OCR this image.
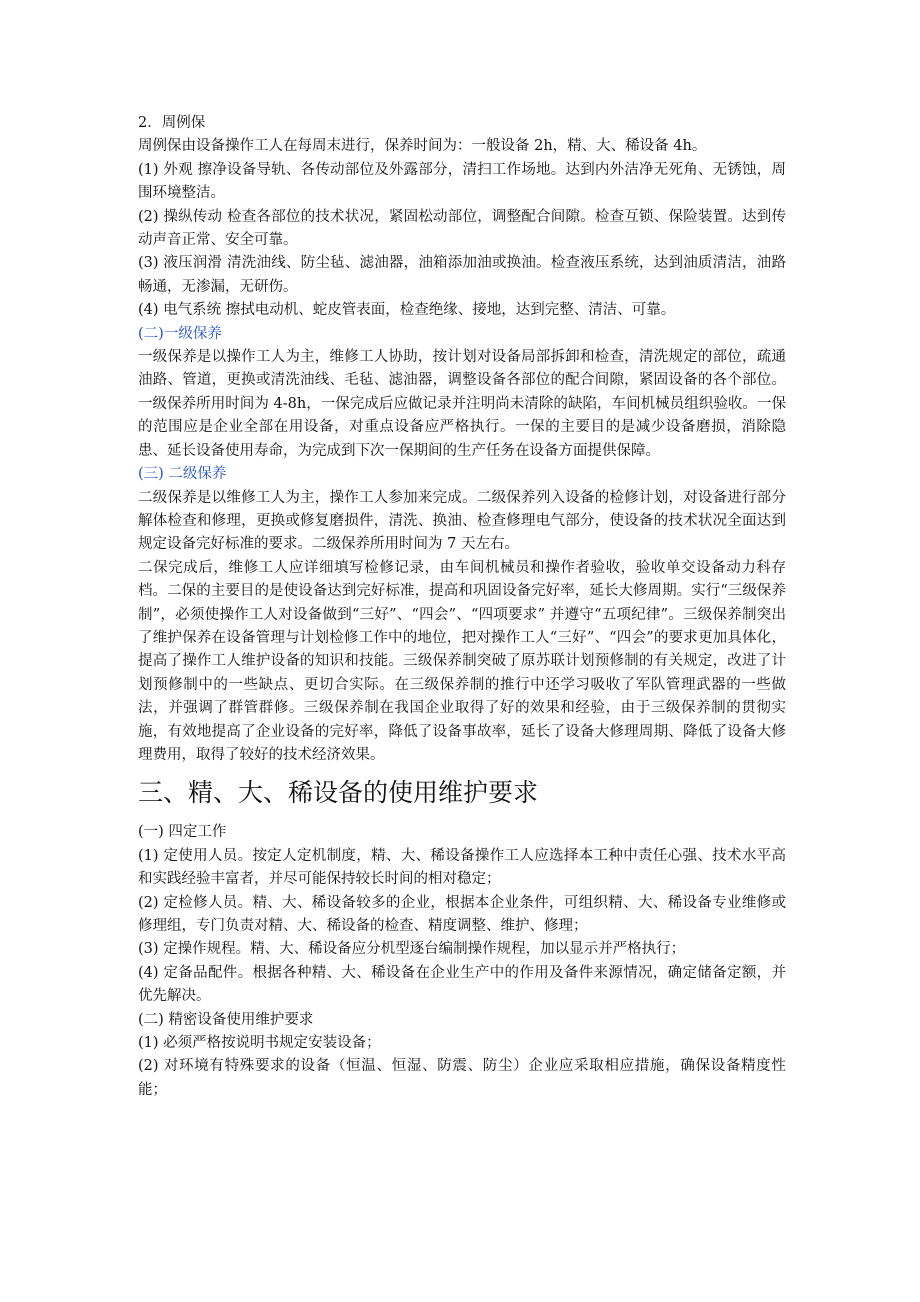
2．周例保

周例保由设备操作工人在每周末进行，保养时间为：一般设备 2h，精、大、稀设备 4h。

(1) 外观 擦净设备导轨、各传动部位及外露部分，清扫工作场地。达到内外洁净无死角、无锈蚀，周围环境整洁。

(2) 操纵传动 检查各部位的技术状况，紧固松动部位，调整配合间隙。检查互锁、保险装置。达到传动声音正常、安全可靠。

(3) 液压润滑 清洗油线、防尘毡、滤油器，油箱添加油或换油。检查液压系统，达到油质清洁，油路畅通，无渗漏，无研伤。

(4) 电气系统 擦拭电动机、蛇皮管表面，检查绝缘、接地，达到完整、清洁、可靠。

(二)一级保养

一级保养是以操作工人为主，维修工人协助，按计划对设备局部拆卸和检查，清洗规定的部位，疏通油路、管道，更换或清洗油线、毛毡、滤油器，调整设备各部位的配合间隙，紧固设备的各个部位。一级保养所用时间为 4-8h，一保完成后应做记录并注明尚未清除的缺陷，车间机械员组织验收。一保的范围应是企业全部在用设备，对重点设备应严格执行。一保的主要目的是减少设备磨损，消除隐患、延长设备使用寿命，为完成到下次一保期间的生产任务在设备方面提供保障。

(三) 二级保养

二级保养是以维修工人为主，操作工人参加来完成。二级保养列入设备的检修计划，对设备进行部分解体检查和修理，更换或修复磨损件，清洗、换油、检查修理电气部分，使设备的技术状况全面达到规定设备完好标准的要求。二级保养所用时间为 7 天左右。

二保完成后，维修工人应详细填写检修记录，由车间机械员和操作者验收，验收单交设备动力科存档。二保的主要目的是使设备达到完好标准，提高和巩固设备完好率，延长大修周期。实行“三级保养制”，必须使操作工人对设备做到“三好”、“四会”、“四项要求” 并遵守“五项纪律”。三级保养制突出了维护保养在设备管理与计划检修工作中的地位，把对操作工人“三好”、“四会”的要求更加具体化，提高了操作工人维护设备的知识和技能。三级保养制突破了原苏联计划预修制的有关规定，改进了计划预修制中的一些缺点、更切合实际。在三级保养制的推行中还学习吸收了军队管理武器的一些做法，并强调了群管群修。三级保养制在我国企业取得了好的效果和经验，由于三级保养制的贯彻实施，有效地提高了企业设备的完好率，降低了设备事故率，延长了设备大修理周期、降低了设备大修理费用，取得了较好的技术经济效果。

三、精、大、稀设备的使用维护要求

(一) 四定工作

(1) 定使用人员。按定人定机制度，精、大、稀设备操作工人应选择本工种中责任心强、技术水平高和实践经验丰富者，并尽可能保持较长时间的相对稳定；

(2) 定检修人员。精、大、稀设备较多的企业，根据本企业条件，可组织精、大、稀设备专业维修或修理组，专门负责对精、大、稀设备的检查、精度调整、维护、修理；

(3) 定操作规程。精、大、稀设备应分机型逐台编制操作规程，加以显示并严格执行；

(4) 定备品配件。根据各种精、大、稀设备在企业生产中的作用及备件来源情况，确定储备定额，并优先解决。

(二) 精密设备使用维护要求

(1) 必须严格按说明书规定安装设备；

(2) 对环境有特殊要求的设备（恒温、恒湿、防震、防尘）企业应采取相应措施，确保设备精度性能；
